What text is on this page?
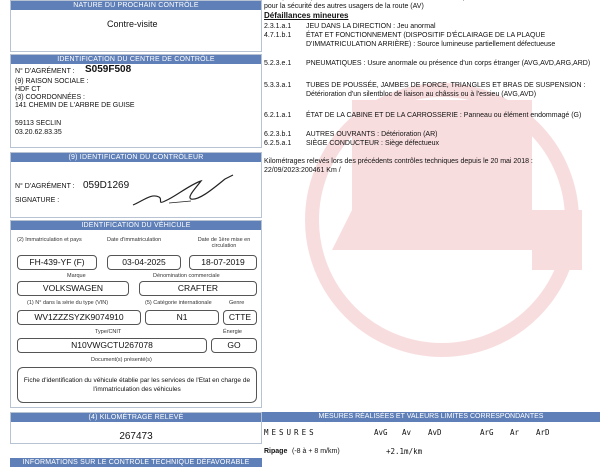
NATURE DU PROCHAIN CONTRÔLE
Contre-visite
IDENTIFICATION DU CENTRE DE CONTRÔLE
N° D'AGRÉMENT : S059F508
(9) RAISON SOCIALE :
HDF CT
(3) COORDONNÉES :
141 CHEMIN DE L'ARBRE DE GUISE
59113 SECLIN
03.20.62.83.35
(9) IDENTIFICATION DU CONTRÔLEUR
N° D'AGRÉMENT : 059D1269
SIGNATURE :
IDENTIFICATION DU VÉHICULE
(2) Immatriculation et pays	Date d'immatriculation	Date de 1ère mise en circulation
FH-439-YF (F)	03-04-2025	18-07-2019
Marque	Dénomination commerciale
VOLKSWAGEN	CRAFTER
(1) N° dans la série du type (VIN)	(5) Catégorie internationale	Genre
WV1ZZZSYZK9074910	N1	CTTE
Type/CNIT	Énergie
N10VWGCTU267078	GO
Document(s) présenté(s)
Fiche d'identification du véhicule établie par les services de l'Etat en charge de l'immatriculation des véhicules
(4) KILOMÉTRAGE RELEVÉ
267473
INFORMATIONS SUR LE CONTRÔLE TECHNIQUE DÉFAVORABLE
pour la sécurité des autres usagers de la route (AV)
Défaillances mineures
2.3.1.a.1	JEU DANS LA DIRECTION : Jeu anormal
4.7.1.b.1	ÉTAT ET FONCTIONNEMENT (DISPOSITIF D'ÉCLAIRAGE DE LA PLAQUE D'IMMATRICULATION ARRIÈRE) : Source lumineuse partiellement défectueuse
5.2.3.e.1	PNEUMATIQUES : Usure anormale ou présence d'un corps étranger (AVG,AVD,ARG,ARD)
5.3.3.a.1	TUBES DE POUSSÉE, JAMBES DE FORCE, TRIANGLES ET BRAS DE SUSPENSION : Détérioration d'un silentbloc de liaison au châssis ou à l'essieu (AVG,AVD)
6.2.1.a.1	ÉTAT DE LA CABINE ET DE LA CARROSSERIE : Panneau ou élément endommagé (G)
6.2.3.b.1	AUTRES OUVRANTS : Détérioration (AR)
6.2.5.a.1	SIÈGE CONDUCTEUR : Siège défectueux
Kilométrages relevés lors des précédents contrôles techniques depuis le 20 mai 2018 : 22/09/2023:200461 Km /
MESURES RÉALISÉES ET VALEURS LIMITES CORRESPONDANTES
MESURES	AvG Av AvD	ArG Ar ArD
Ripage (-8 à + 8 m/km)	+2.1m/km
